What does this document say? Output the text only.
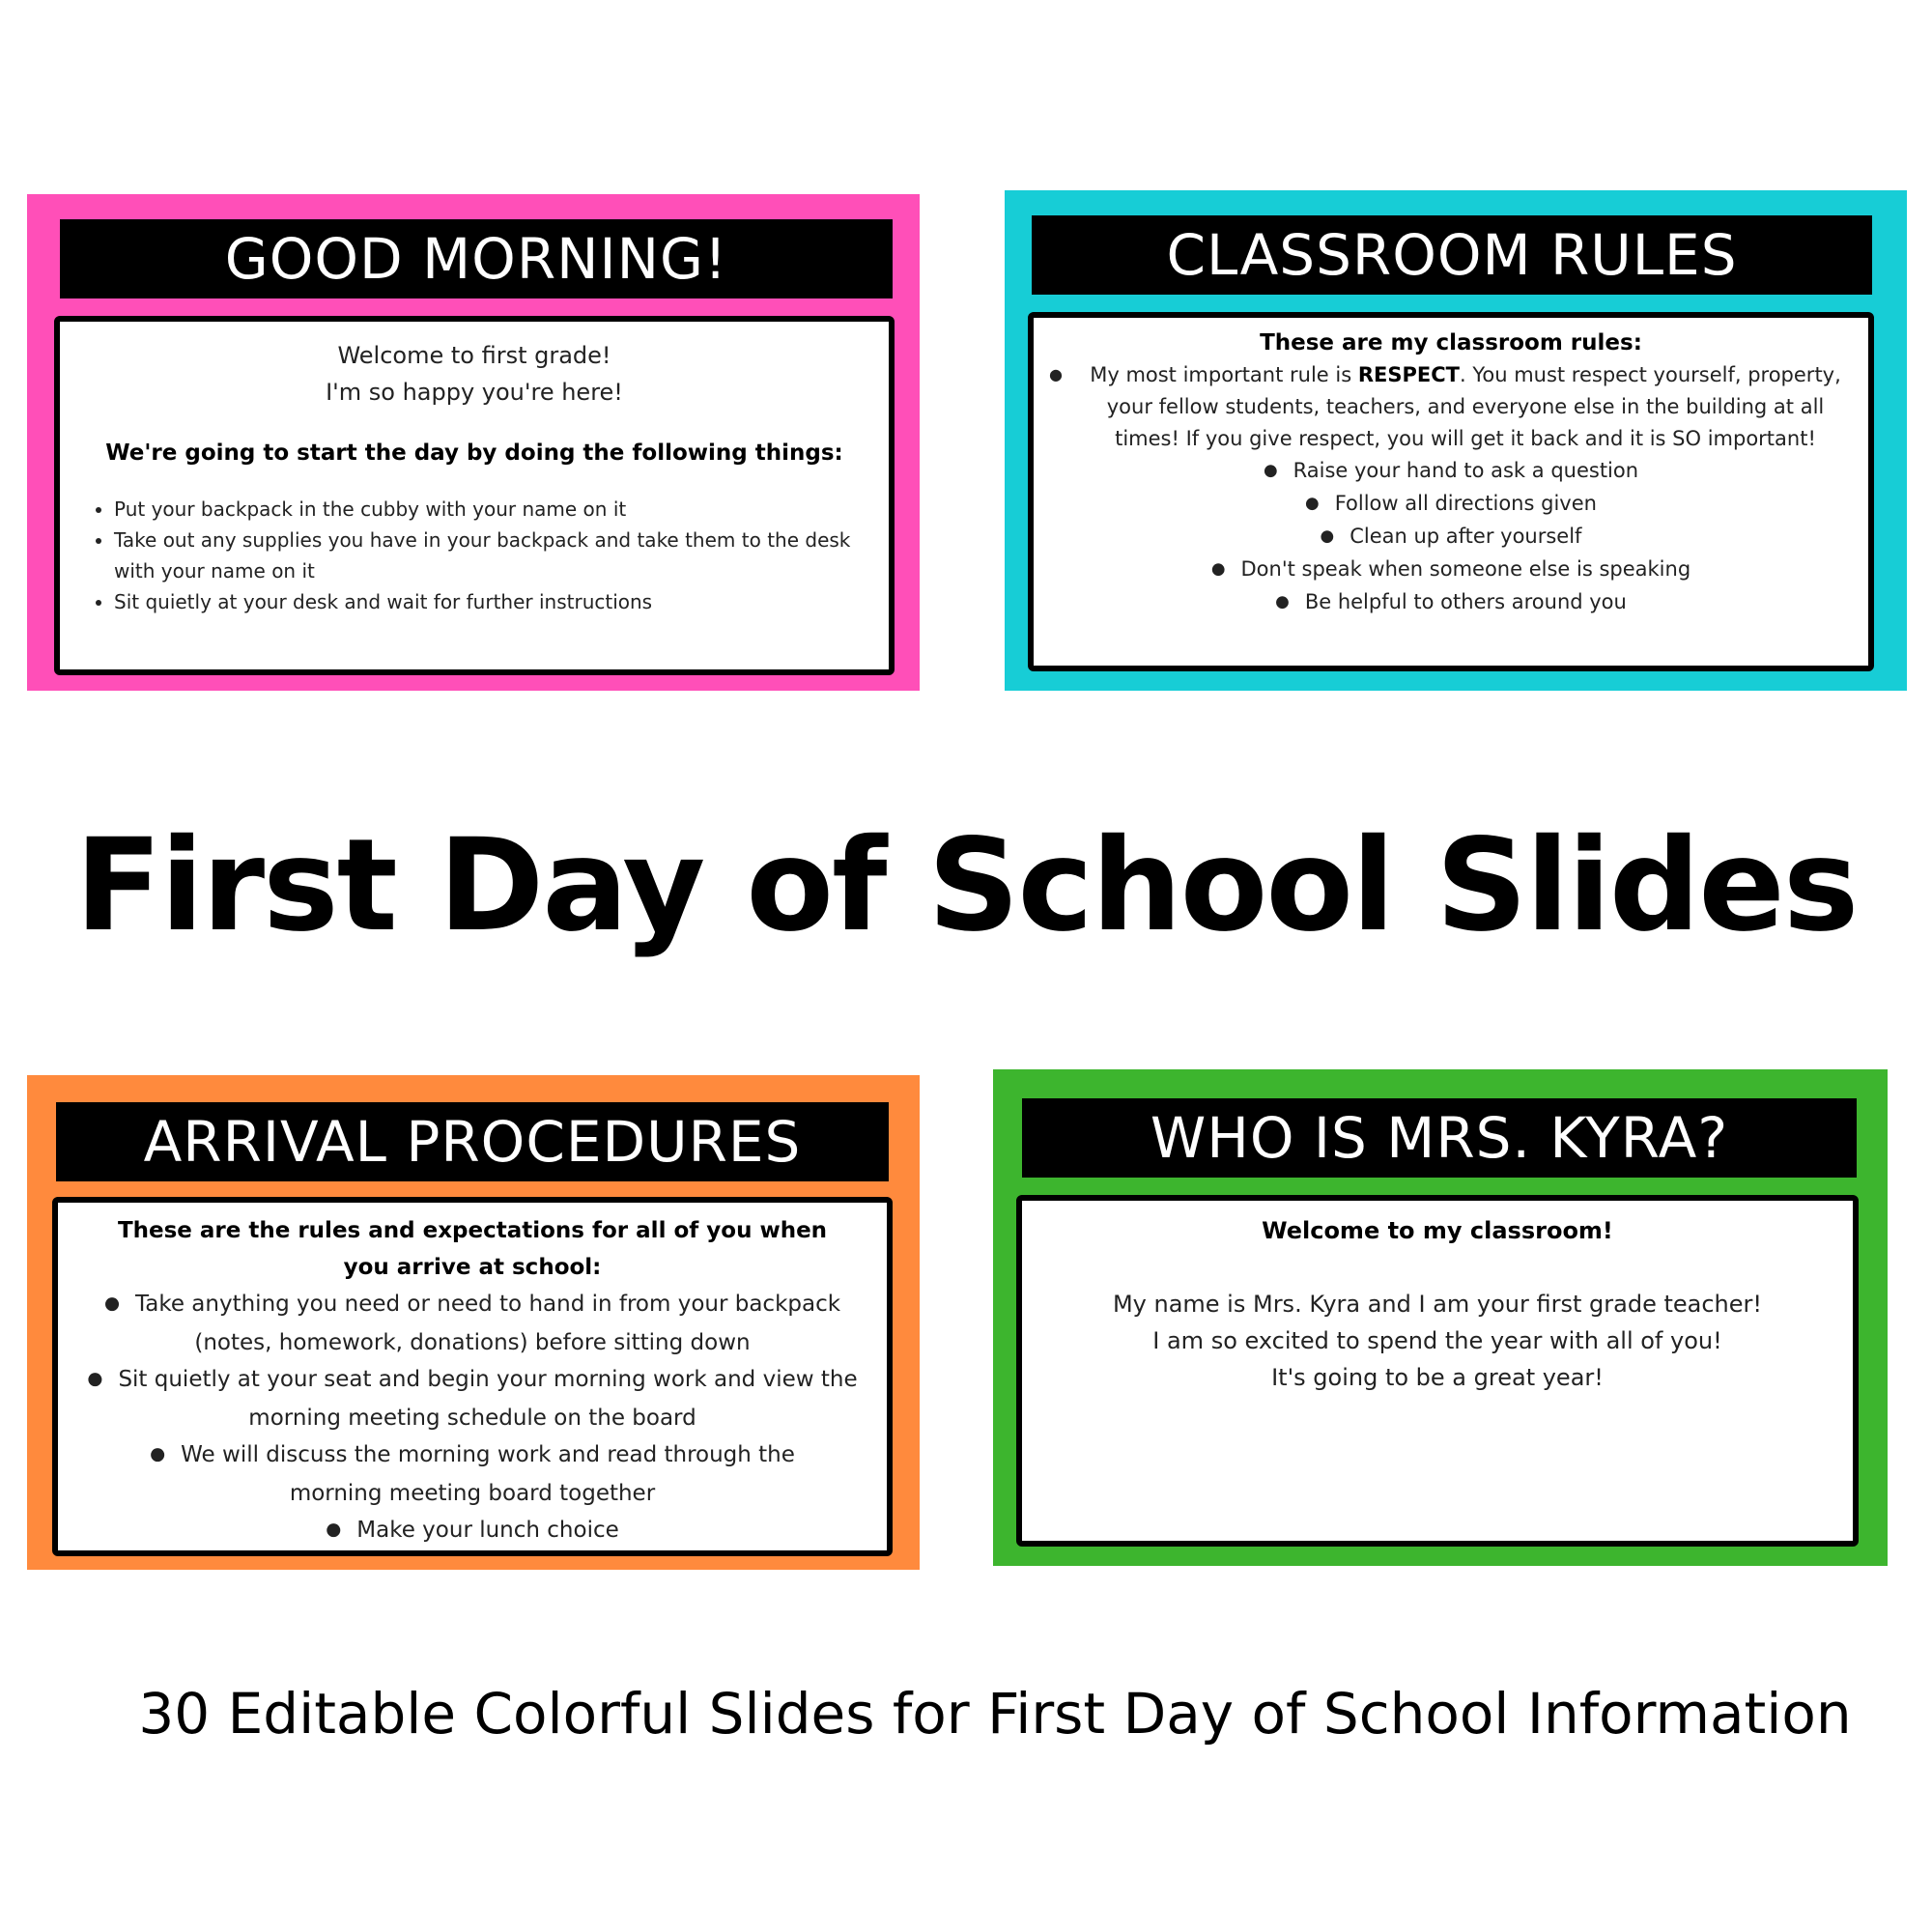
GOOD MORNING!
Welcome to first grade!
I'm so happy you're here!
We're going to start the day by doing the following things:
• Put your backpack in the cubby with your name on it
• Take out any supplies you have in your backpack and take them to the desk with your name on it
• Sit quietly at your desk and wait for further instructions
CLASSROOM RULES
These are my classroom rules:
● My most important rule is RESPECT. You must respect yourself, property, your fellow students, teachers, and everyone else in the building at all times! If you give respect, you will get it back and it is SO important!
● Raise your hand to ask a question
● Follow all directions given
● Clean up after yourself
● Don't speak when someone else is speaking
● Be helpful to others around you
First Day of School Slides
ARRIVAL PROCEDURES
These are the rules and expectations for all of you when you arrive at school:
● Take anything you need or need to hand in from your backpack (notes, homework, donations) before sitting down
● Sit quietly at your seat and begin your morning work and view the morning meeting schedule on the board
● We will discuss the morning work and read through the morning meeting board together
● Make your lunch choice
WHO IS MRS. KYRA?
Welcome to my classroom!
My name is Mrs. Kyra and I am your first grade teacher!
I am so excited to spend the year with all of you!
It's going to be a great year!
30 Editable Colorful Slides for First Day of School Information
